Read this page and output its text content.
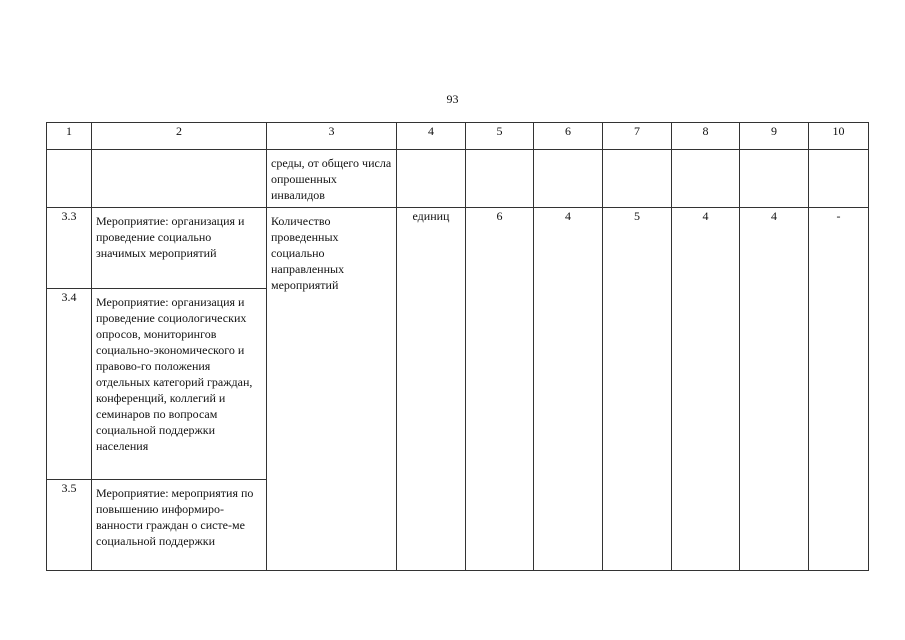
93
1	2	3	4	5	6	7	8	9	10

		среды, от общего числа опрошенных инвалидов							

3.3	Мероприятие: организация и проведение социально значимых мероприятий	Количество проведенных социально направленных мероприятий	единиц	6	4	5	4	4	-
3.4	Мероприятие: организация и проведение социологических опросов, мониторингов социально-экономического и правово-го положения отдельных категорий граждан, конференций, коллегий и семинаров по вопросам социальной поддержки населения								

3.5	Мероприятие: мероприятия по повышению информиро-ванности граждан о систе-ме социальной поддержки								
